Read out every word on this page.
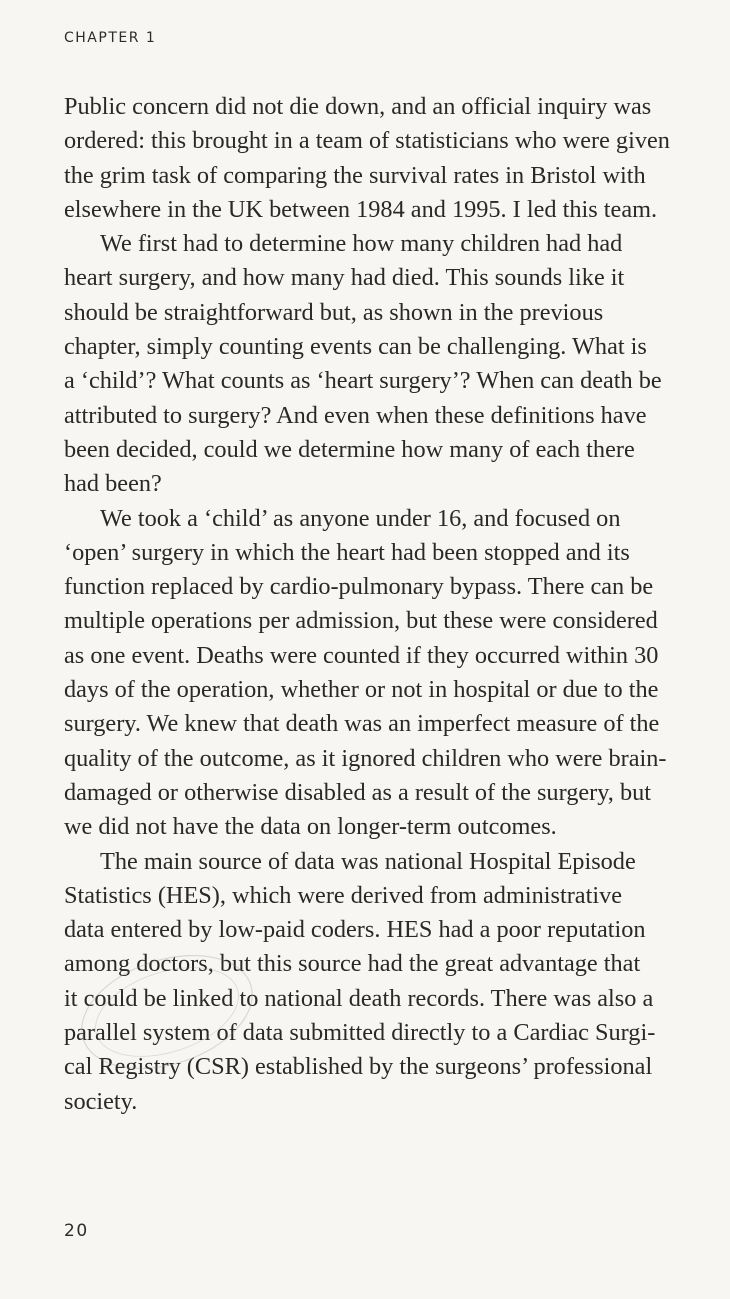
CHAPTER 1
Public concern did not die down, and an official inquiry was
ordered: this brought in a team of statisticians who were given
the grim task of comparing the survival rates in Bristol with
elsewhere in the UK between 1984 and 1995. I led this team.
We first had to determine how many children had had
heart surgery, and how many had died. This sounds like it
should be straightforward but, as shown in the previous
chapter, simply counting events can be challenging. What is
a ‘child’? What counts as ‘heart surgery’? When can death be
attributed to surgery? And even when these definitions have
been decided, could we determine how many of each there
had been?
We took a ‘child’ as anyone under 16, and focused on
‘open’ surgery in which the heart had been stopped and its
function replaced by cardio-pulmonary bypass. There can be
multiple operations per admission, but these were considered
as one event. Deaths were counted if they occurred within 30
days of the operation, whether or not in hospital or due to the
surgery. We knew that death was an imperfect measure of the
quality of the outcome, as it ignored children who were brain-
damaged or otherwise disabled as a result of the surgery, but
we did not have the data on longer-term outcomes.
The main source of data was national Hospital Episode
Statistics (HES), which were derived from administrative
data entered by low-paid coders. HES had a poor reputation
among doctors, but this source had the great advantage that
it could be linked to national death records. There was also a
parallel system of data submitted directly to a Cardiac Surgi-
cal Registry (CSR) established by the surgeons’ professional
society.
20
